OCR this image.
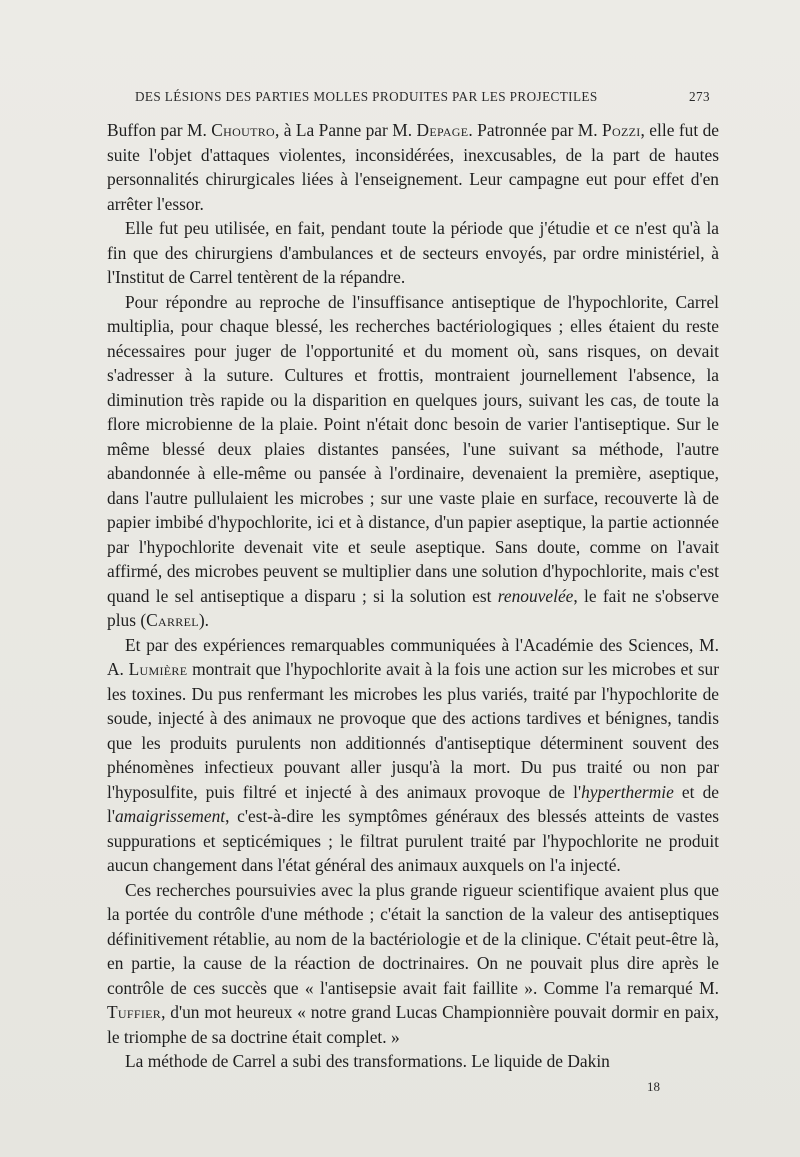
DES LÉSIONS DES PARTIES MOLLES PRODUITES PAR LES PROJECTILES	273

Buffon par M. Choutro, à La Panne par M. Depage. Patronnée par M. Pozzi, elle fut de suite l'objet d'attaques violentes, inconsidérées, inexcusables, de la part de hautes personnalités chirurgicales liées à l'enseignement. Leur campagne eut pour effet d'en arrêter l'essor.

Elle fut peu utilisée, en fait, pendant toute la période que j'étudie et ce n'est qu'à la fin que des chirurgiens d'ambulances et de secteurs envoyés, par ordre ministériel, à l'Institut de Carrel tentèrent de la répandre.

Pour répondre au reproche de l'insuffisance antiseptique de l'hypochlorite, Carrel multiplia, pour chaque blessé, les recherches bactériologiques ; elles étaient du reste nécessaires pour juger de l'opportunité et du moment où, sans risques, on devait s'adresser à la suture. Cultures et frottis, montraient journellement l'absence, la diminution très rapide ou la disparition en quelques jours, suivant les cas, de toute la flore microbienne de la plaie. Point n'était donc besoin de varier l'antiseptique. Sur le même blessé deux plaies distantes pansées, l'une suivant sa méthode, l'autre abandonnée à elle-même ou pansée à l'ordinaire, devenaient la première, aseptique, dans l'autre pullulaient les microbes ; sur une vaste plaie en surface, recouverte là de papier imbibé d'hypochlorite, ici et à distance, d'un papier aseptique, la partie actionnée par l'hypochlorite devenait vite et seule aseptique. Sans doute, comme on l'avait affirmé, des microbes peuvent se multiplier dans une solution d'hypochlorite, mais c'est quand le sel antiseptique a disparu ; si la solution est renouvelée, le fait ne s'observe plus (Carrel).

Et par des expériences remarquables communiquées à l'Académie des Sciences, M. A. Lumière montrait que l'hypochlorite avait à la fois une action sur les microbes et sur les toxines. Du pus renfermant les microbes les plus variés, traité par l'hypochlorite de soude, injecté à des animaux ne provoque que des actions tardives et bénignes, tandis que les produits purulents non additionnés d'antiseptique déterminent souvent des phénomènes infectieux pouvant aller jusqu'à la mort. Du pus traité ou non par l'hyposulfite, puis filtré et injecté à des animaux provoque de l'hyperthermie et de l'amaigrissement, c'est-à-dire les symptômes généraux des blessés atteints de vastes suppurations et septicémiques ; le filtrat purulent traité par l'hypochlorite ne produit aucun changement dans l'état général des animaux auxquels on l'a injecté.

Ces recherches poursuivies avec la plus grande rigueur scientifique avaient plus que la portée du contrôle d'une méthode ; c'était la sanction de la valeur des antiseptiques définitivement rétablie, au nom de la bactériologie et de la clinique. C'était peut-être là, en partie, la cause de la réaction de doctrinaires. On ne pouvait plus dire après le contrôle de ces succès que « l'antisepsie avait fait faillite ». Comme l'a remarqué M. Tuffier, d'un mot heureux « notre grand Lucas Championnière pouvait dormir en paix, le triomphe de sa doctrine était complet. »

La méthode de Carrel a subi des transformations. Le liquide de Dakin

18
